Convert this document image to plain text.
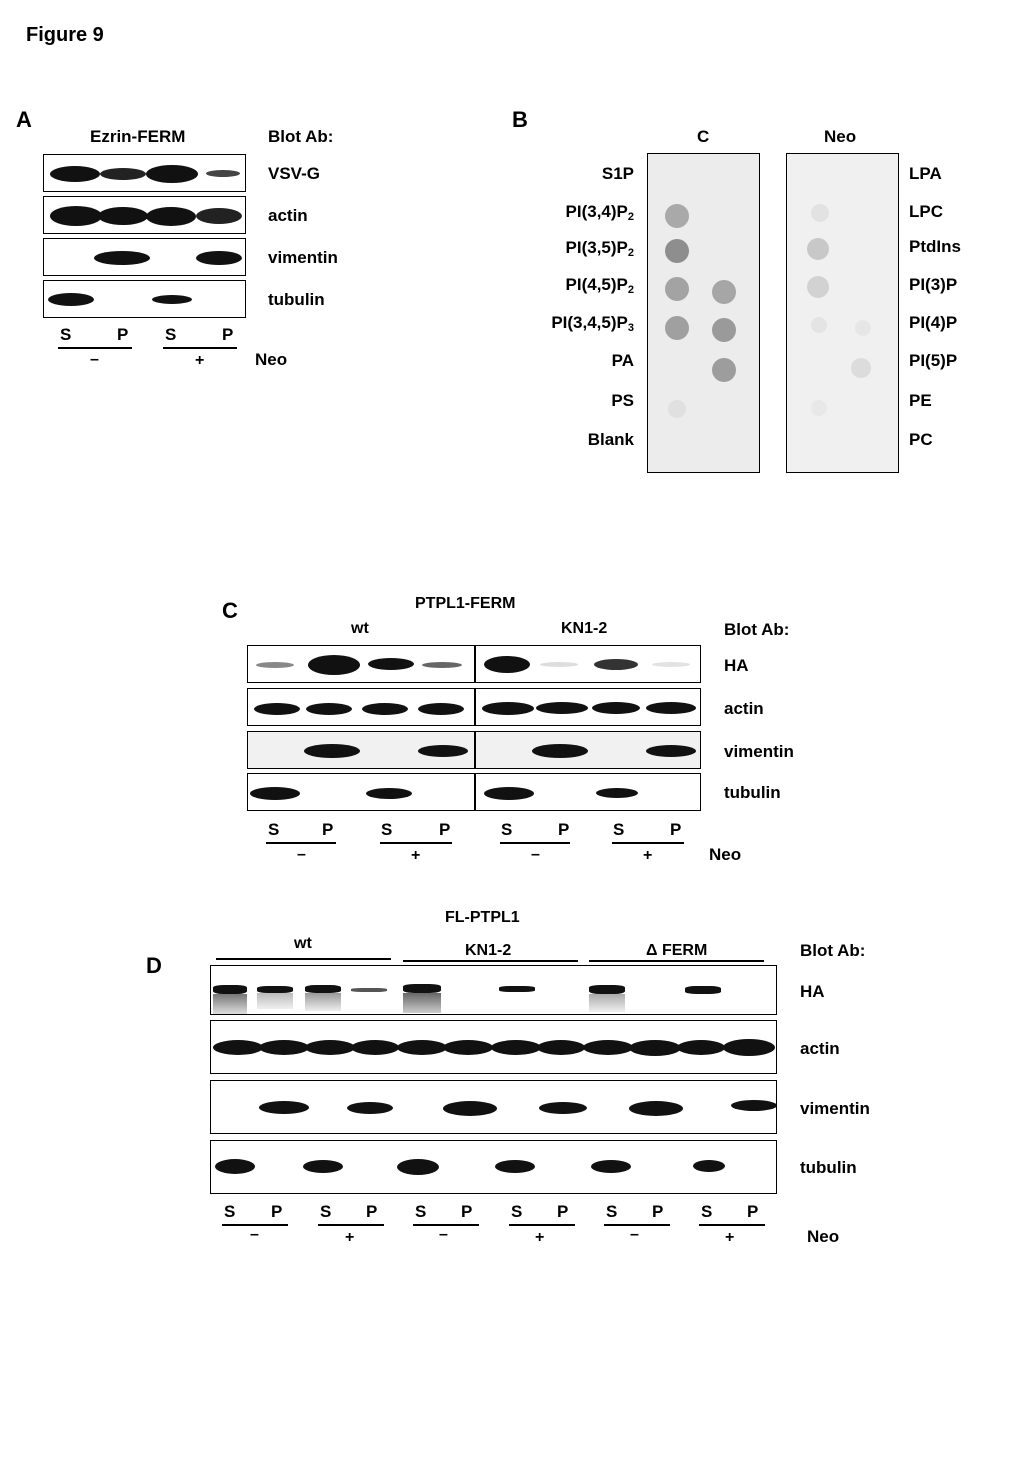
Figure 9
A
Ezrin-FERM	Blot Ab:
VSV-G
actin
vimentin
tubulin
S	P S	P
–	+	Neo
B
C	Neo
S1P
$PI(3,4)P_2$
$PI(3,5)P_2$
$PI(4,5)P_2$
$PI(3,4,5)P_3$
PA
PS
Blank
LPA
LPC
PtdIns
PI(3)P
PI(4)P
PI(5)P
PE
PC
C	PTPL1-FERM
wt	KN1-2	Blot Ab:
HA
actin
vimentin
tubulin
S	P	S	P	S	P	S	P
–	+	–	+	Neo
D
FL-PTPL1
wt	KN1-2	Δ FERM	Blot Ab:
HA
actin
vimentin
tubulin
S P S P S P S P S P S P
–	+	–	+	–	+	Neo
